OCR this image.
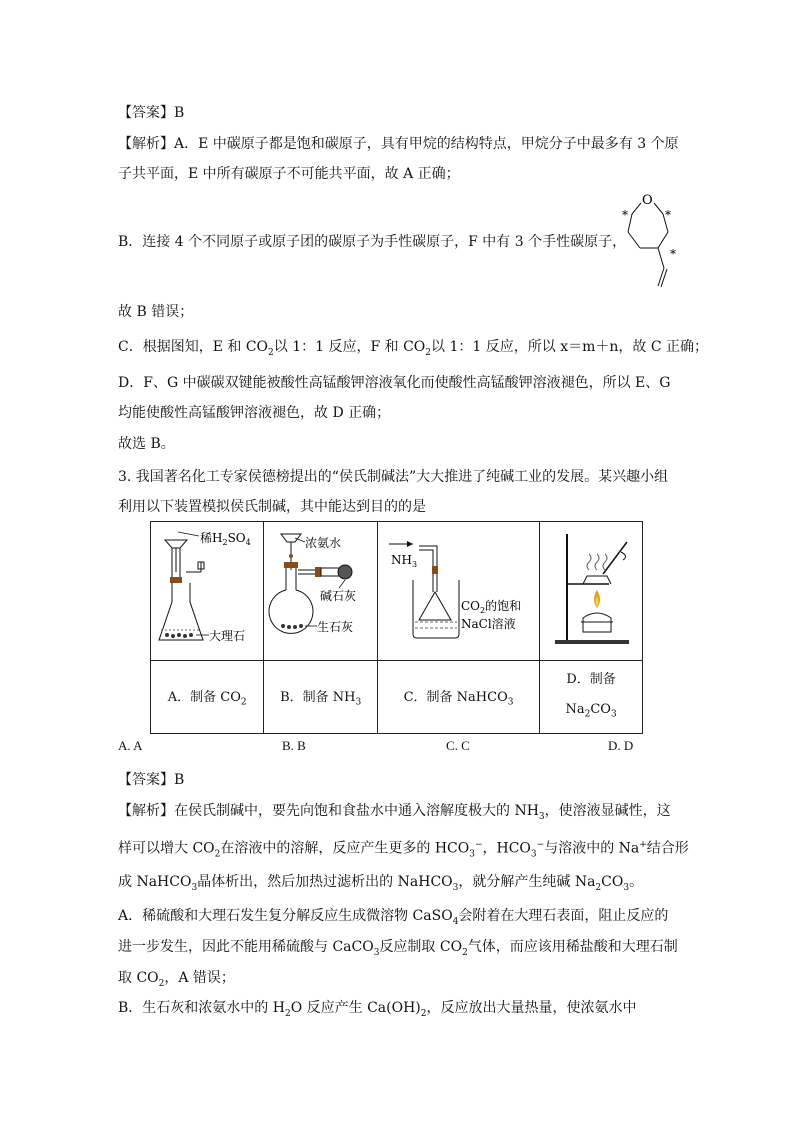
【答案】B
【解析】A．E 中碳原子都是饱和碳原子，具有甲烷的结构特点，甲烷分子中最多有 3 个原
子共平面，E 中所有碳原子不可能共平面，故 A 正确；
B．连接 4 个不同原子或原子团的碳原子为手性碳原子，F 中有 3 个手性碳原子，
O
*	*
*
故 B 错误；
C．根据图知，E 和 $CO_2$以 1：1 反应，F 和 $CO_2$以 1：1 反应，所以 x＝m＋n，故 C 正确；
D．F、G 中碳碳双键能被酸性高锰酸钾溶液氧化而使酸性高锰酸钾溶液褪色，所以 E、G
均能使酸性高锰酸钾溶液褪色，故 D 正确；
故选 B。
3. 我国著名化工专家侯德榜提出的“侯氏制碱法”大大推进了纯碱工业的发展。某兴趣小组
利用以下装置模拟侯氏制碱，其中能达到目的的是
稀$H_2SO_4$
大理石	浓氨水
碱石灰
生石灰	$NH_3$
$CO_2$的饱和
NaCl溶液

A．制备 $CO_2$	B．制备 $NH_3$	C．制备 NaHCO$_3$	D．制备
$Na_2CO_3$
A. A	B. B	C. C	D. D
【答案】B
【解析】在侯氏制碱中，要先向饱和食盐水中通入溶解度极大的 $NH_3$，使溶液显碱性，这
样可以增大 $CO_2$在溶液中的溶解，反应产生更多的 $HCO_3^-$，$HCO_3^-$与溶液中的 Na+结合形
成 NaHCO$_3$晶体析出，然后加热过滤析出的 NaHCO$_3$，就分解产生纯碱 $Na_2CO_3$。
A．稀硫酸和大理石发生复分解反应生成微溶物 CaSO$_4$会附着在大理石表面，阻止反应的
进一步发生，因此不能用稀硫酸与 CaCO$_3$反应制取 $CO_2$气体，而应该用稀盐酸和大理石制
取 $CO_2$，A 错误；
B．生石灰和浓氨水中的 $H_2O$ 反应产生 $Ca(OH)_2$，反应放出大量热量，使浓氨水中
